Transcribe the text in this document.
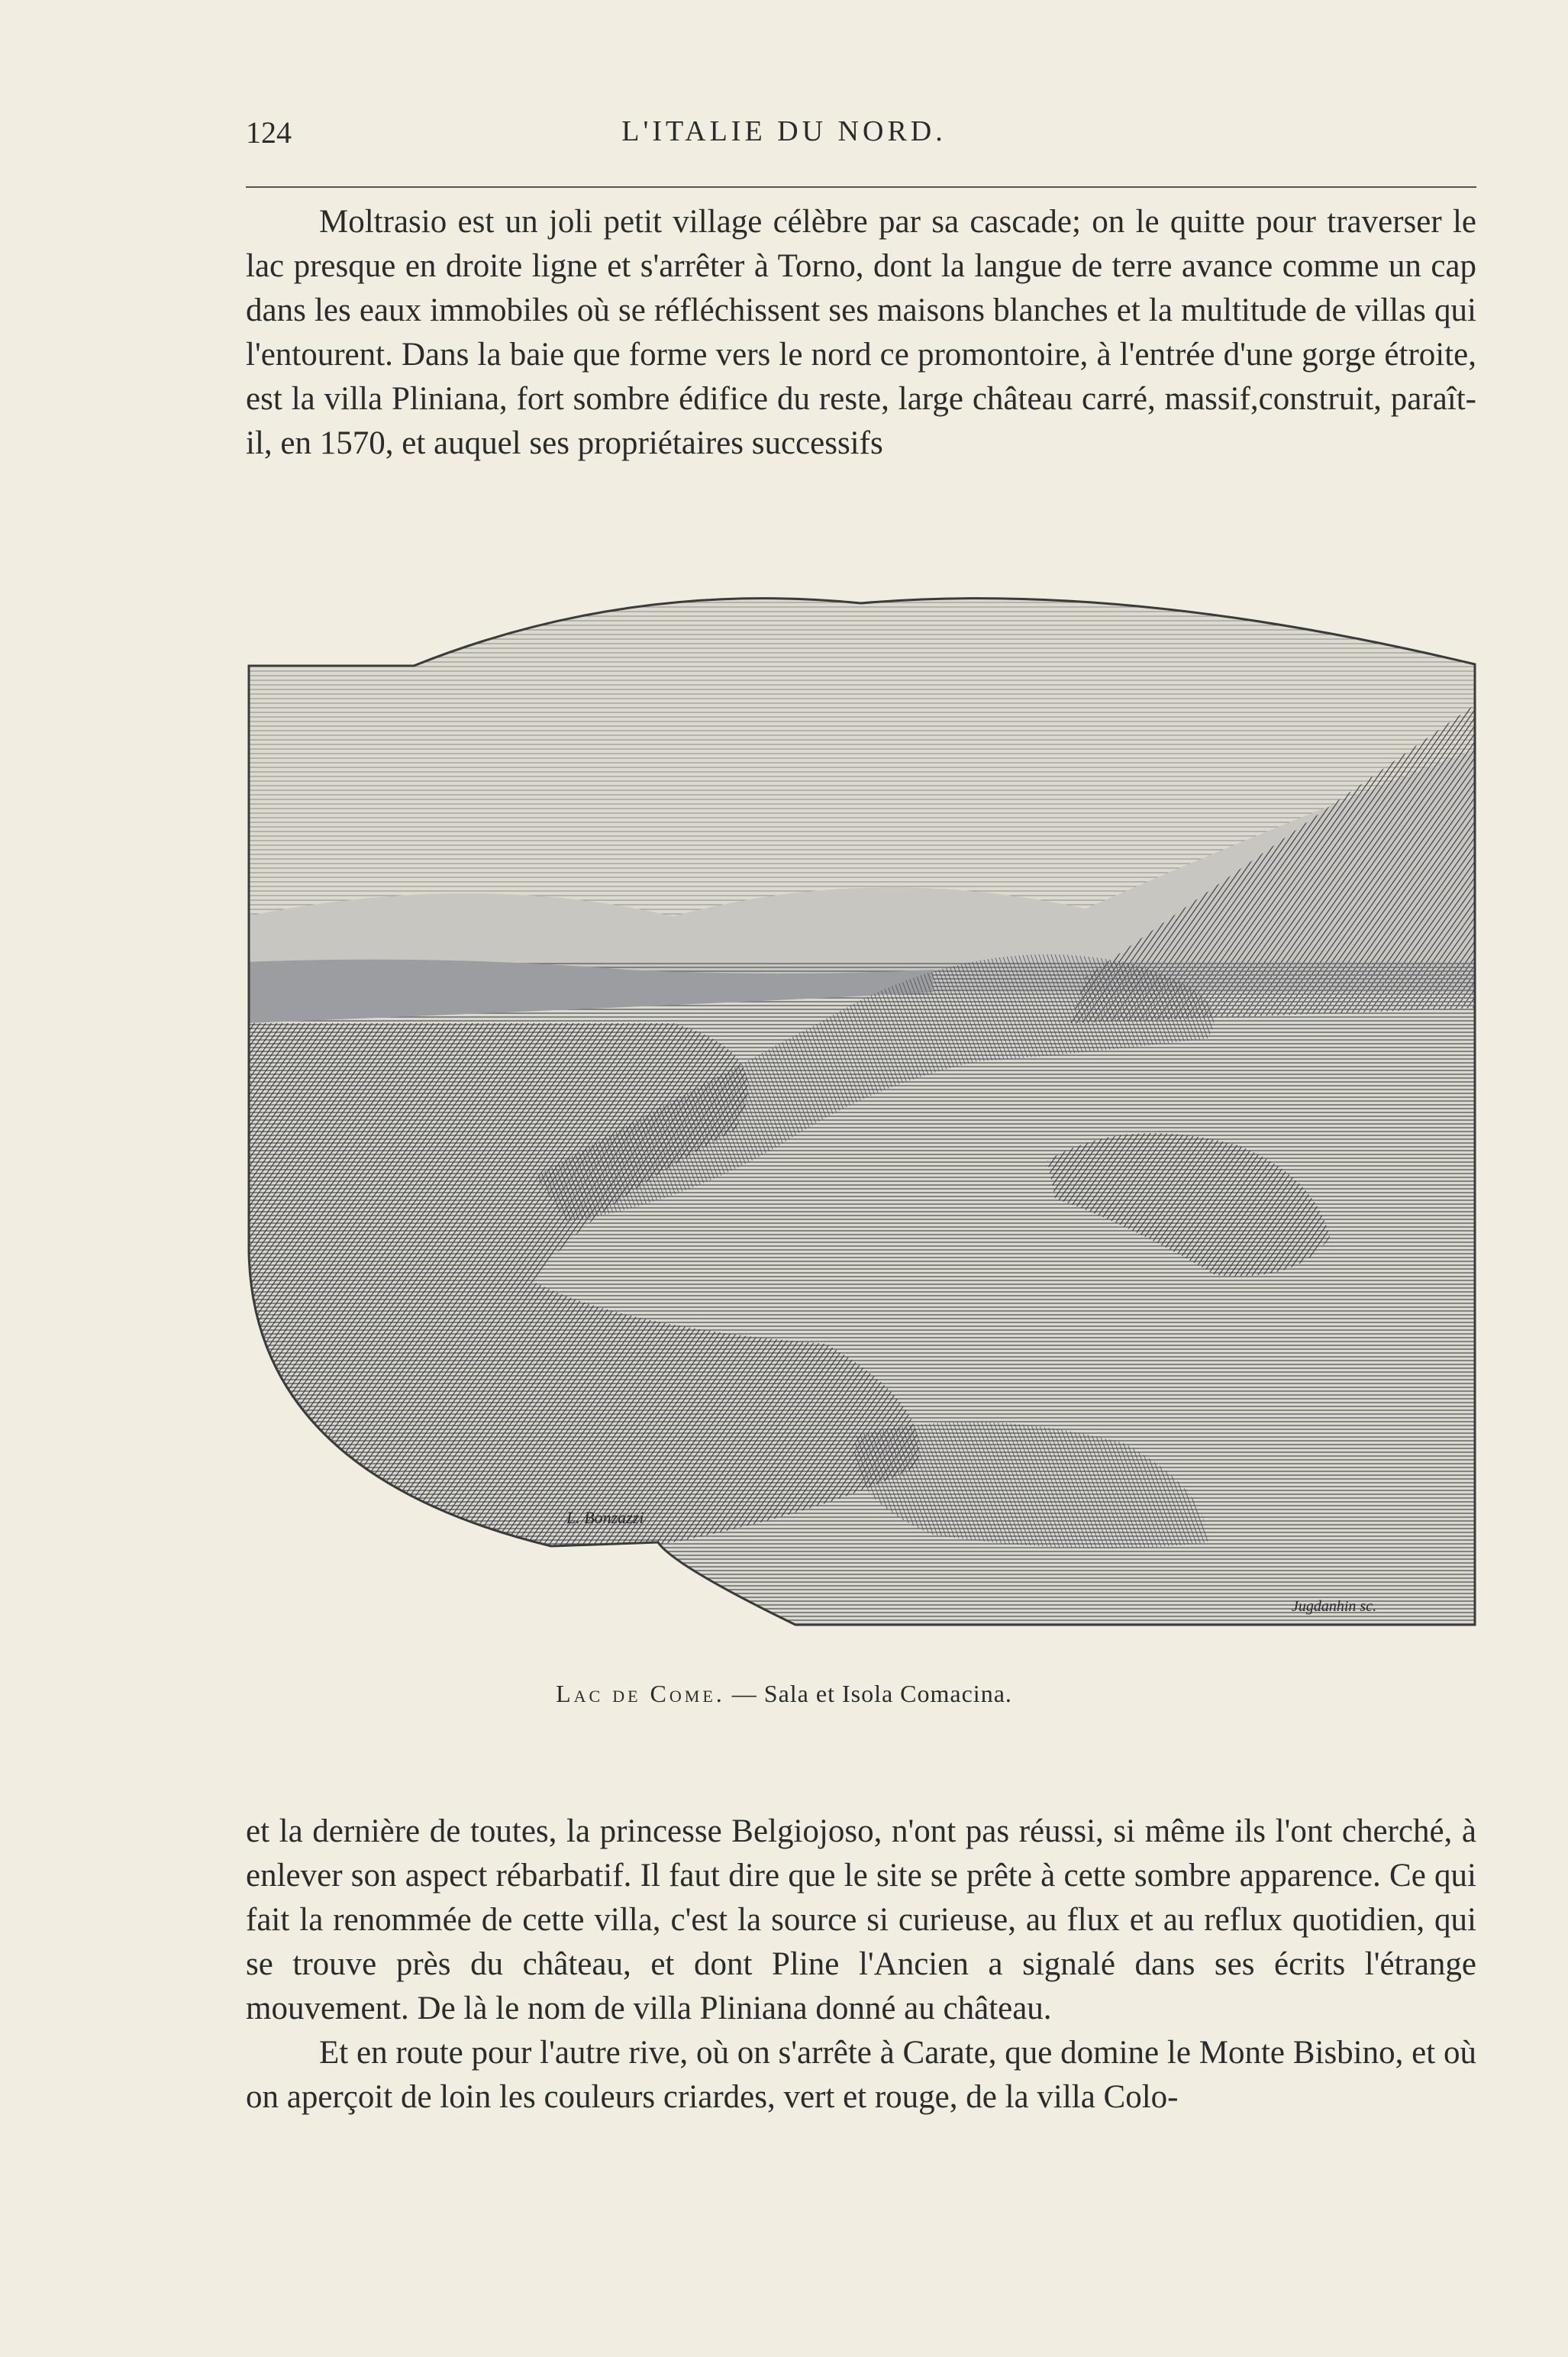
124	L'ITALIE DU NORD.

Moltrasio est un joli petit village célèbre par sa cascade; on le quitte pour traverser le lac presque en droite ligne et s'arrêter à Torno, dont la langue de terre avance comme un cap dans les eaux immobiles où se réfléchissent ses maisons blanches et la multitude de villas qui l'entourent. Dans la baie que forme vers le nord ce promontoire, à l'entrée d'une gorge étroite, est la villa Pliniana, fort sombre édifice du reste, large château carré, massif,construit, paraît-il, en 1570, et auquel ses propriétaires successifs

L. Bonzazzi
Jugdanhin sc.
Lac de Come. — Sala et Isola Comacina.

et la dernière de toutes, la princesse Belgiojoso, n'ont pas réussi, si même ils l'ont cherché, à enlever son aspect rébarbatif. Il faut dire que le site se prête à cette sombre apparence. Ce qui fait la renommée de cette villa, c'est la source si curieuse, au flux et au reflux quotidien, qui se trouve près du château, et dont Pline l'Ancien a signalé dans ses écrits l'étrange mouvement. De là le nom de villa Pliniana donné au château.

Et en route pour l'autre rive, où on s'arrête à Carate, que domine le Monte Bisbino, et où on aperçoit de loin les couleurs criardes, vert et rouge, de la villa Colo-
